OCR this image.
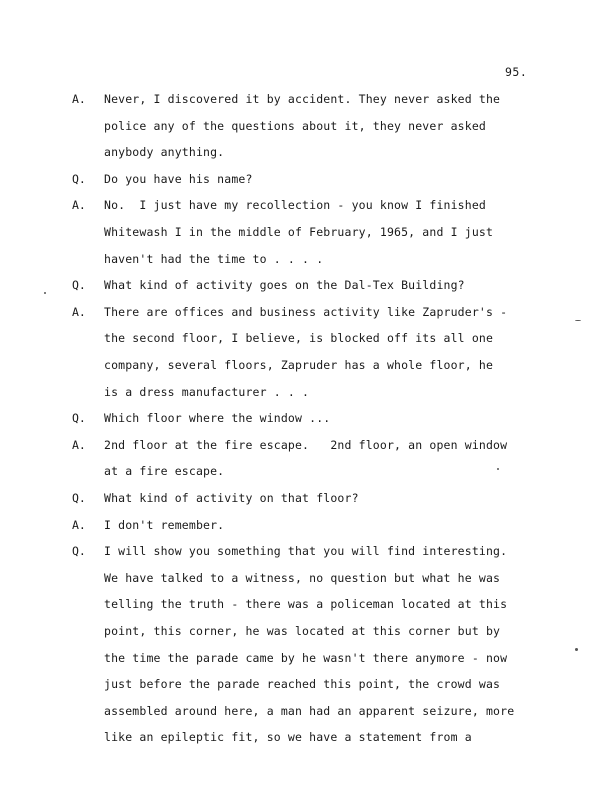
95.
A. Never, I discovered it by accident. They never asked the
police any of the questions about it, they never asked
anybody anything.
Q. Do you have his name?
A. No.  I just have my recollection - you know I finished
Whitewash I in the middle of February, 1965, and I just
haven't had the time to . . . .
Q. What kind of activity goes on the Dal-Tex Building?
A. There are offices and business activity like Zapruder's -
the second floor, I believe, is blocked off its all one
company, several floors, Zapruder has a whole floor, he
is a dress manufacturer . . .
Q. Which floor where the window ...
A. 2nd floor at the fire escape.   2nd floor, an open window
at a fire escape.
Q. What kind of activity on that floor?
A. I don't remember.
Q. I will show you something that you will find interesting.
We have talked to a witness, no question but what he was
telling the truth - there was a policeman located at this
point, this corner, he was located at this corner but by
the time the parade came by he wasn't there anymore - now
just before the parade reached this point, the crowd was
assembled around here, a man had an apparent seizure, more
like an epileptic fit, so we have a statement from a
